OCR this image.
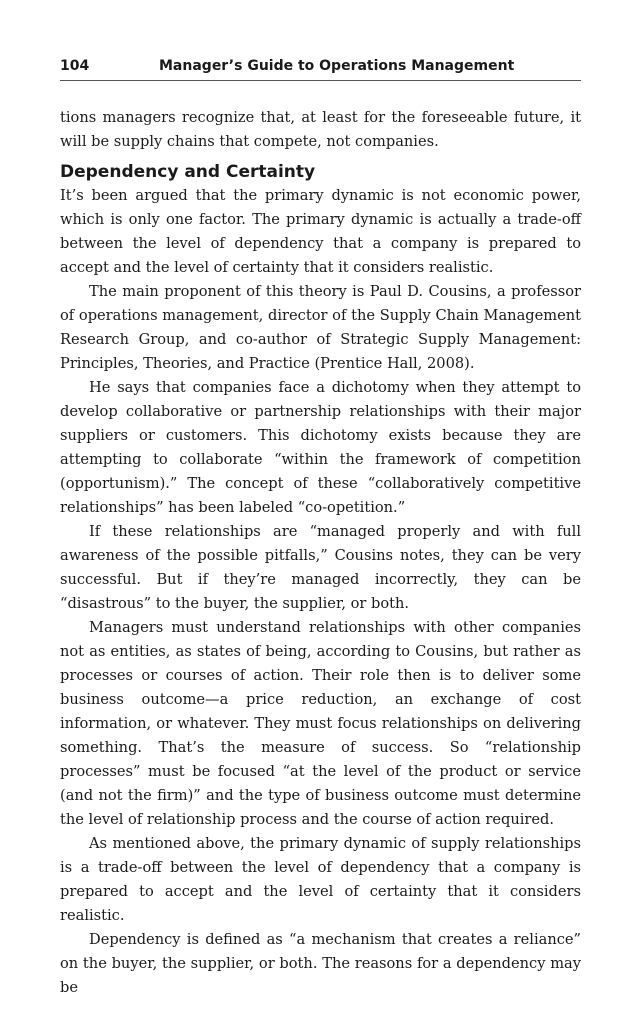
104	Manager’s Guide to Operations Management

tions managers recognize that, at least for the foreseeable future, it will be supply chains that compete, not companies.

Dependency and Certainty

It’s been argued that the primary dynamic is not economic power, which is only one factor. The primary dynamic is actually a trade-off between the level of dependency that a company is prepared to accept and the level of certainty that it considers realistic.

The main proponent of this theory is Paul D. Cousins, a professor of operations management, director of the Supply Chain Management Research Group, and co-author of Strategic Supply Management: Principles, Theories, and Practice (Prentice Hall, 2008).

He says that companies face a dichotomy when they attempt to develop collaborative or partnership relationships with their major suppliers or customers. This dichotomy exists because they are attempting to collaborate “within the framework of competition (opportunism).” The concept of these “collaboratively competitive relationships” has been labeled “co-opetition.”

If these relationships are “managed properly and with full awareness of the possible pitfalls,” Cousins notes, they can be very successful. But if they’re managed incorrectly, they can be “disastrous” to the buyer, the supplier, or both.

Managers must understand relationships with other companies not as entities, as states of being, according to Cousins, but rather as processes or courses of action. Their role then is to deliver some business outcome—a price reduction, an exchange of cost information, or whatever. They must focus relationships on delivering something. That’s the measure of success. So “relationship processes” must be focused “at the level of the product or service (and not the firm)” and the type of business outcome must determine the level of relationship process and the course of action required.

As mentioned above, the primary dynamic of supply relationships is a trade-off between the level of dependency that a company is prepared to accept and the level of certainty that it considers realistic.

Dependency is defined as “a mechanism that creates a reliance” on the buyer, the supplier, or both. The reasons for a dependency may be
